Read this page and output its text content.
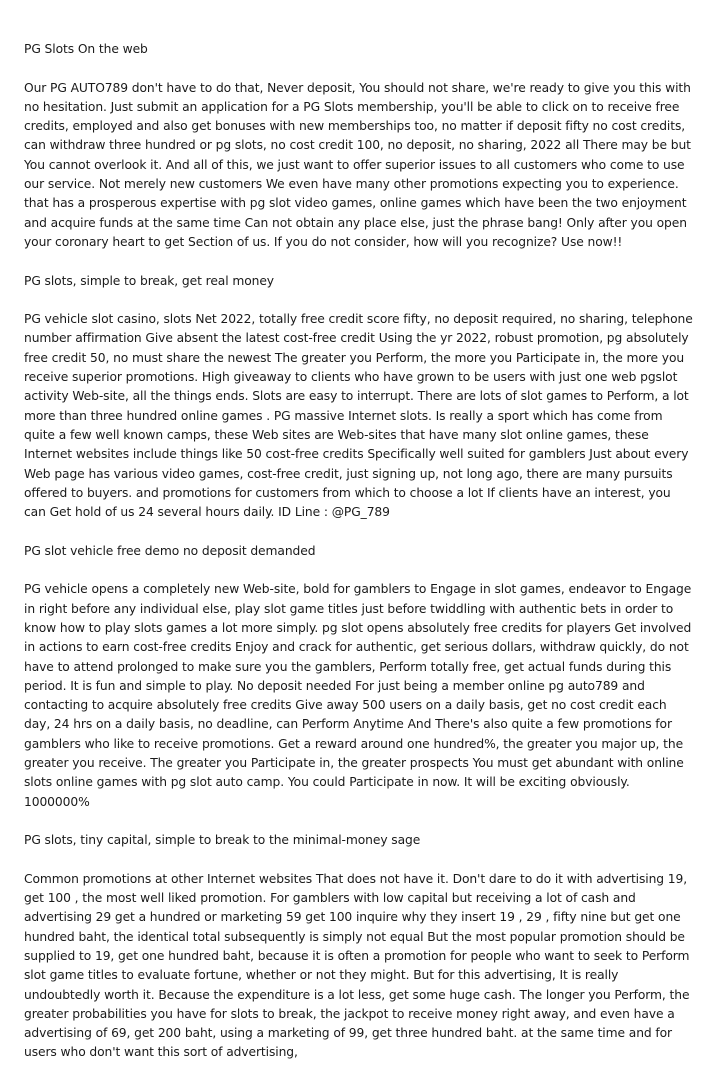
PG Slots On the web

Our PG AUTO789 don't have to do that, Never deposit, You should not share, we're ready to give you this with no hesitation. Just submit an application for a PG Slots membership, you'll be able to click on to receive free credits, employed and also get bonuses with new memberships too, no matter if deposit fifty no cost credits, can withdraw three hundred or pg slots, no cost credit 100, no deposit, no sharing, 2022 all There may be but You cannot overlook it. And all of this, we just want to offer superior issues to all customers who come to use our service. Not merely new customers We even have many other promotions expecting you to experience. that has a prosperous expertise with pg slot video games, online games which have been the two enjoyment and acquire funds at the same time Can not obtain any place else, just the phrase bang! Only after you open your coronary heart to get Section of us. If you do not consider, how will you recognize? Use now!!

PG slots, simple to break, get real money

PG vehicle slot casino, slots Net 2022, totally free credit score fifty, no deposit required, no sharing, telephone number affirmation Give absent the latest cost-free credit Using the yr 2022, robust promotion, pg absolutely free credit 50, no must share the newest The greater you Perform, the more you Participate in, the more you receive superior promotions. High giveaway to clients who have grown to be users with just one web pgslot activity Web-site, all the things ends. Slots are easy to interrupt. There are lots of slot games to Perform, a lot more than three hundred online games . PG massive Internet slots. Is really a sport which has come from quite a few well known camps, these Web sites are Web-sites that have many slot online games, these Internet websites include things like 50 cost-free credits Specifically well suited for gamblers Just about every Web page has various video games, cost-free credit, just signing up, not long ago, there are many pursuits offered to buyers. and promotions for customers from which to choose a lot If clients have an interest, you can Get hold of us 24 several hours daily. ID Line : @PG_789

PG slot vehicle free demo no deposit demanded

PG vehicle opens a completely new Web-site, bold for gamblers to Engage in slot games, endeavor to Engage in right before any individual else, play slot game titles just before twiddling with authentic bets in order to know how to play slots games a lot more simply. pg slot opens absolutely free credits for players Get involved in actions to earn cost-free credits Enjoy and crack for authentic, get serious dollars, withdraw quickly, do not have to attend prolonged to make sure you the gamblers, Perform totally free, get actual funds during this period. It is fun and simple to play. No deposit needed For just being a member online pg auto789 and contacting to acquire absolutely free credits Give away 500 users on a daily basis, get no cost credit each day, 24 hrs on a daily basis, no deadline, can Perform Anytime And There's also quite a few promotions for gamblers who like to receive promotions. Get a reward around one hundred%, the greater you major up, the greater you receive. The greater you Participate in, the greater prospects You must get abundant with online slots online games with pg slot auto camp. You could Participate in now. It will be exciting obviously. 1000000%

PG slots, tiny capital, simple to break to the minimal-money sage

Common promotions at other Internet websites That does not have it. Don't dare to do it with advertising 19, get 100 , the most well liked promotion. For gamblers with low capital but receiving a lot of cash and advertising 29 get a hundred or marketing 59 get 100 inquire why they insert 19 , 29 , fifty nine but get one hundred baht, the identical total subsequently is simply not equal But the most popular promotion should be supplied to 19, get one hundred baht, because it is often a promotion for people who want to seek to Perform slot game titles to evaluate fortune, whether or not they might. But for this advertising, It is really undoubtedly worth it. Because the expenditure is a lot less, get some huge cash. The longer you Perform, the greater probabilities you have for slots to break, the jackpot to receive money right away, and even have a advertising of 69, get 200 baht, using a marketing of 99, get three hundred baht. at the same time and for users who don't want this sort of advertising,
